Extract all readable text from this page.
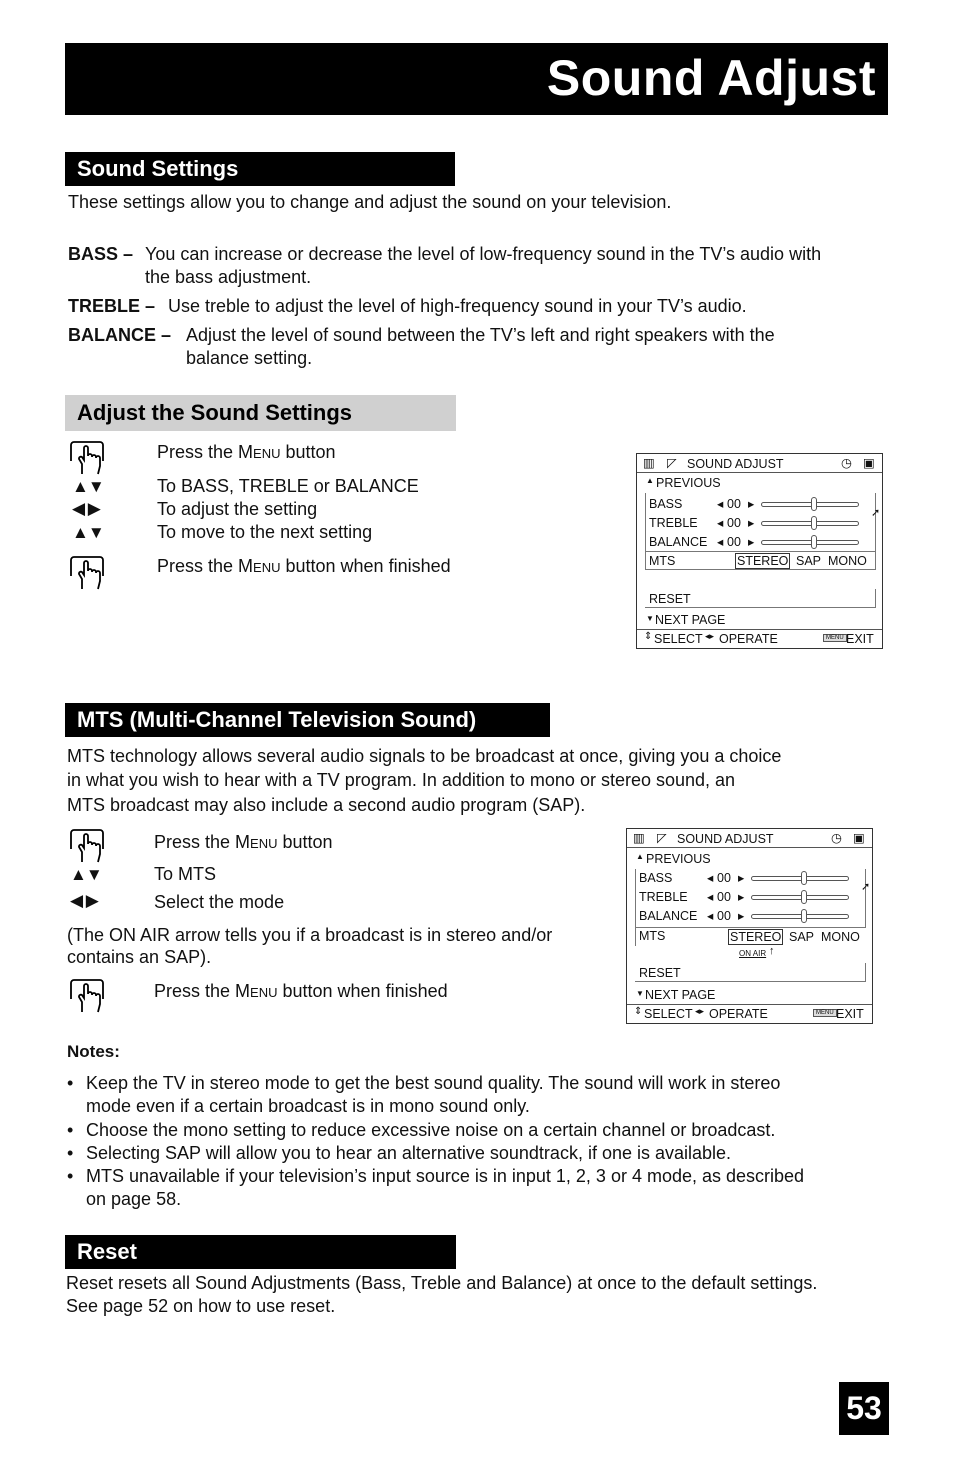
Sound Adjust
Sound Settings
These settings allow you to change and adjust the sound on your television.
BASS – You can increase or decrease the level of low-frequency sound in the TV’s audio with
the bass adjustment.
TREBLE – Use treble to adjust the level of high-frequency sound in your TV’s audio.
BALANCE – Adjust the level of sound between the TV’s left and right speakers with the
balance setting.
Adjust the Sound Settings
Press the Menu button
▲▼	To BASS, TREBLE or BALANCE
◀ ▶	To adjust the setting
▲▼	To move to the next setting
Press the Menu button when finished
▥ ◸ SOUND ADJUST	◷ ▣
▲ PREVIOUS
BASS	◂ 00 ▸
TREBLE ◂ 00 ▸
BALANCE ◂ 00 ▸
➚
MTS	STEREO SAP MONO
RESET
▼ NEXT PAGE
⇕ SELECT ◂▸ OPERATE	MENU EXIT
MTS (Multi-Channel Television Sound)
MTS technology allows several audio signals to be broadcast at once, giving you a choice
in what you wish to hear with a TV program. In addition to mono or stereo sound, an
MTS broadcast may also include a second audio program (SAP).
Press the Menu button
▲▼	To MTS
◀ ▶	Select the mode
(The ON AIR arrow tells you if a broadcast is in stereo and/or
contains an SAP).
Press the Menu button when finished
▥ ◸ SOUND ADJUST	◷ ▣
▲ PREVIOUS
BASS	◂ 00 ▸
TREBLE ◂ 00 ▸
BALANCE ◂ 00 ▸
➚
MTS	STEREO SAP MONO
ON AIR ↑
RESET
▼ NEXT PAGE
⇕ SELECT ◂▸ OPERATE	MENU EXIT
Notes:
• Keep the TV in stereo mode to get the best sound quality. The sound will work in stereo
mode even if a certain broadcast is in mono sound only.
• Choose the mono setting to reduce excessive noise on a certain channel or broadcast.
• Selecting SAP will allow you to hear an alternative soundtrack, if one is available.
• MTS unavailable if your television’s input source is in input 1, 2, 3 or 4 mode, as described
on page 58.
Reset
Reset resets all Sound Adjustments (Bass, Treble and Balance) at once to the default settings.
See page 52 on how to use reset.
53
